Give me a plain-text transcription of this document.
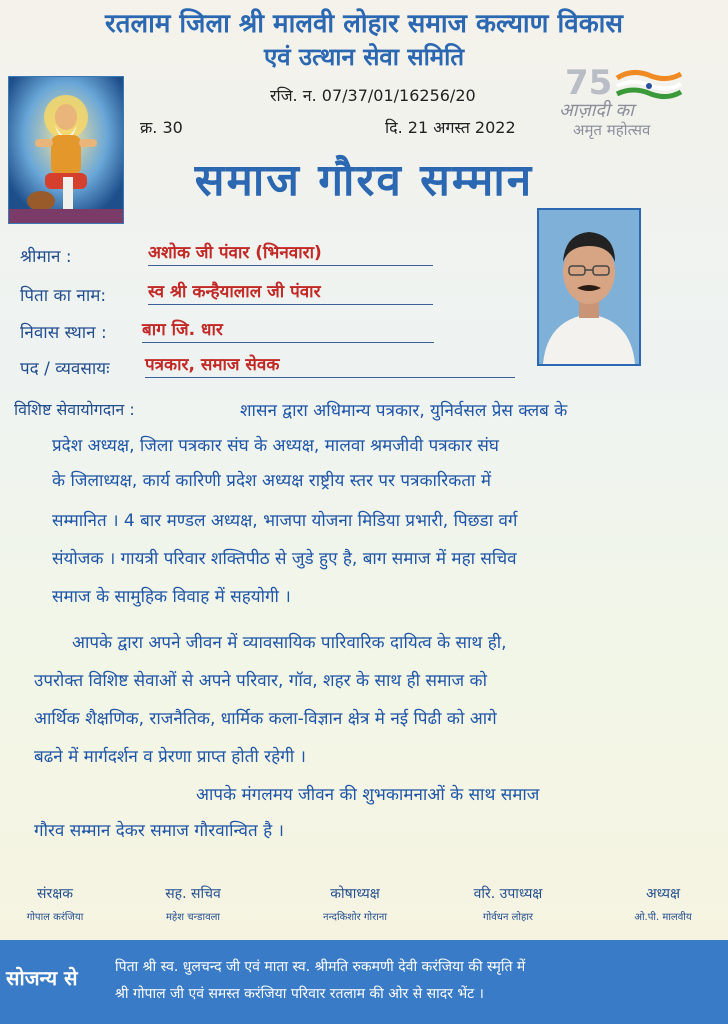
रतलाम जिला श्री मालवी लोहार समाज कल्याण विकास
एवं उत्थान सेवा समिति
रजि. न. 07/37/01/16256/20
क्र. 30	दि. 21 अगस्त 2022
75
आज़ादी का
अमृत महोत्सव
समाज गौरव सम्मान
श्रीमान :	अशोक जी पंवार (भिनवारा)
पिता का नाम: स्व श्री कन्हैयालाल जी पंवार
निवास स्थान : बाग जि. धार
पद / व्यवसायः पत्रकार, समाज सेवक
विशिष्ट सेवायोगदान :	शासन द्वारा अधिमान्य पत्रकार, युनिर्वसल प्रेस क्लब के
प्रदेश अध्यक्ष, जिला पत्रकार संघ के अध्यक्ष, मालवा श्रमजीवी पत्रकार संघ
के जिलाध्यक्ष, कार्य कारिणी प्रदेश अध्यक्ष राष्ट्रीय स्तर पर पत्रकारिकता में
सम्मानित । 4 बार मण्डल अध्यक्ष, भाजपा योजना मिडिया प्रभारी, पिछडा वर्ग
संयोजक । गायत्री परिवार शक्तिपीठ से जुडे हुए है, बाग समाज में महा सचिव
समाज के सामुहिक विवाह में सहयोगी ।
आपके द्वारा अपने जीवन में व्यावसायिक पारिवारिक दायित्व के साथ ही,
उपरोक्त विशिष्ट सेवाओं से अपने परिवार, गॉव, शहर के साथ ही समाज को
आर्थिक शैक्षणिक, राजनैतिक, धार्मिक कला-विज्ञान क्षेत्र मे नई पिढी को आगे
बढने में मार्गदर्शन व प्रेरणा प्राप्त होती रहेगी ।
आपके मंगलमय जीवन की शुभकामनाओं के साथ समाज
गौरव सम्मान देकर समाज गौरवान्वित है ।
संरक्षक
गोपाल करंजिया
सह. सचिव
महेश चन्डावला
कोषाध्यक्ष
नन्दकिशोर गोराना
वरि. उपाध्यक्ष
गोर्वधन लोहार
अध्यक्ष
ओ.पी. मालवीय
सोजन्य से	पिता श्री स्व. धुलचन्द जी एवं माता स्व. श्रीमति रुकमणी देवी करंजिया की स्मृति में
श्री गोपाल जी एवं समस्त करंजिया परिवार रतलाम की ओर से सादर भेंट ।
